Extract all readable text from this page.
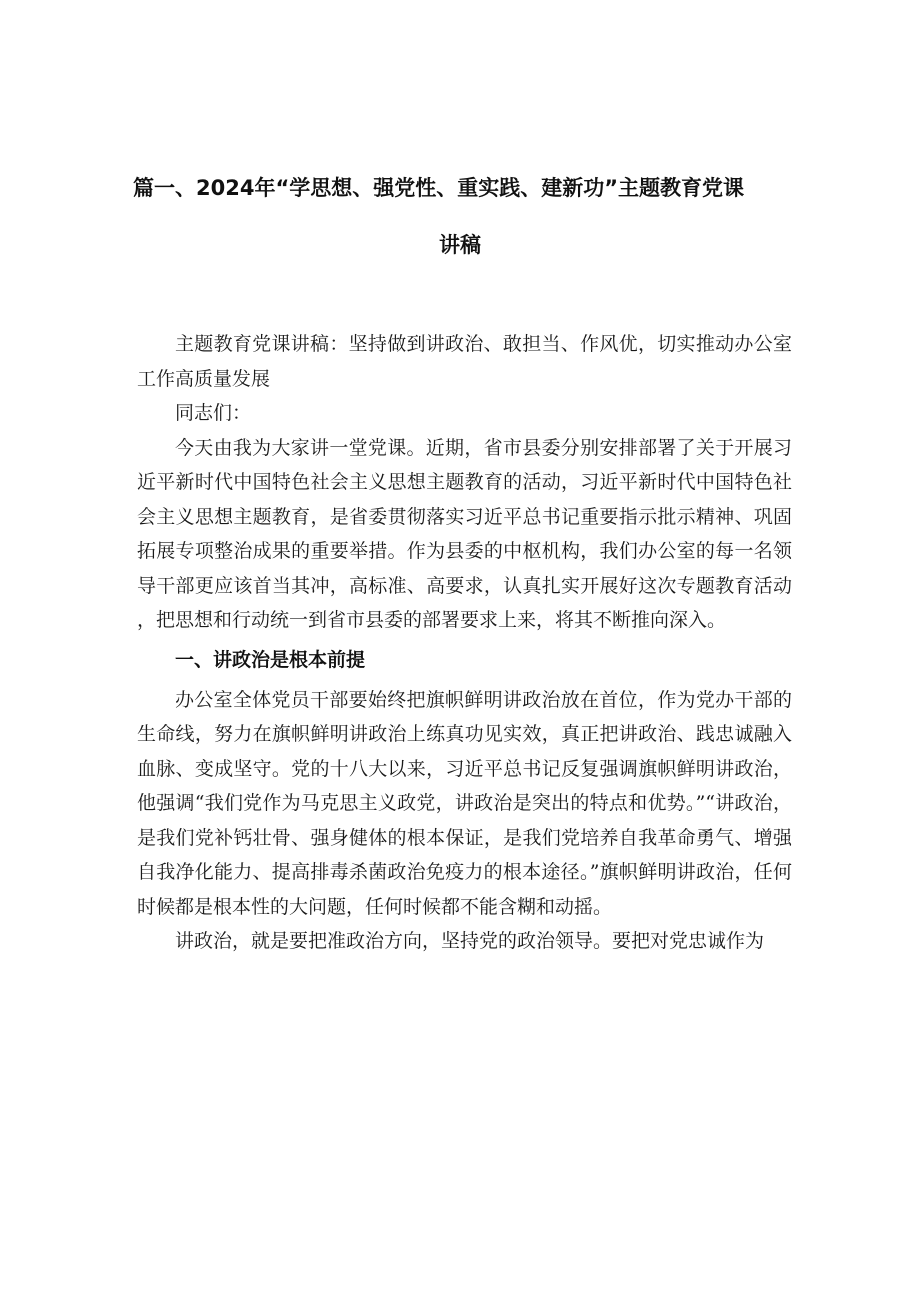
篇一、2024年“学思想、强党性、重实践、建新功”主题教育党课
讲稿

主题教育党课讲稿：坚持做到讲政治、敢担当、作风优，切实推动办公室工作高质量发展

同志们：

今天由我为大家讲一堂党课。近期，省市县委分别安排部署了关于开展习近平新时代中国特色社会主义思想主题教育的活动，习近平新时代中国特色社会主义思想主题教育，是省委贯彻落实习近平总书记重要指示批示精神、巩固拓展专项整治成果的重要举措。作为县委的中枢机构，我们办公室的每一名领导干部更应该首当其冲，高标准、高要求，认真扎实开展好这次专题教育活动，把思想和行动统一到省市县委的部署要求上来，将其不断推向深入。

一、讲政治是根本前提

办公室全体党员干部要始终把旗帜鲜明讲政治放在首位，作为党办干部的生命线，努力在旗帜鲜明讲政治上练真功见实效，真正把讲政治、践忠诚融入血脉、变成坚守。党的十八大以来，习近平总书记反复强调旗帜鲜明讲政治，他强调“我们党作为马克思主义政党，讲政治是突出的特点和优势。”“讲政治，是我们党补钙壮骨、强身健体的根本保证，是我们党培养自我革命勇气、增强自我净化能力、提高排毒杀菌政治免疫力的根本途径。”旗帜鲜明讲政治，任何时候都是根本性的大问题，任何时候都不能含糊和动摇。

讲政治，就是要把准政治方向，坚持党的政治领导。要把对党忠诚作为
